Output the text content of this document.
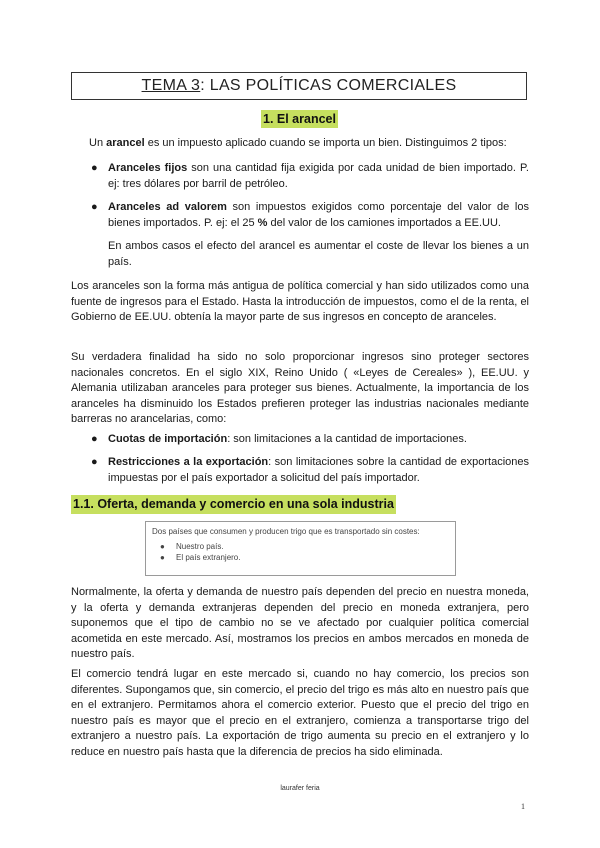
TEMA 3 : LAS POLÍTICAS COMERCIALES
1. El arancel

Un arancel es un impuesto aplicado cuando se importa un bien. Distinguimos 2 tipos:

● Aranceles fijos son una cantidad fija exigida por cada unidad de bien importado. P. ej: tres dólares por barril de petróleo.

● Aranceles ad valorem son impuestos exigidos como porcentaje del valor de los bienes importados. P. ej: el 25 % del valor de los camiones importados a EE.UU.

En ambos casos el efecto del arancel es aumentar el coste de llevar los bienes a un país.

Los aranceles son la forma más antigua de política comercial y han sido utilizados como una fuente de ingresos para el Estado. Hasta la introducción de impuestos, como el de la renta, el Gobierno de EE.UU. obtenía la mayor parte de sus ingresos en concepto de aranceles.

Su verdadera finalidad ha sido no solo proporcionar ingresos sino proteger sectores nacionales concretos. En el siglo XIX, Reino Unido ( «Leyes de Cereales» ), EE.UU. y Alemania utilizaban aranceles para proteger sus bienes. Actualmente, la importancia de los aranceles ha disminuido los Estados prefieren proteger las industrias nacionales mediante barreras no arancelarias, como:

● Cuotas de importación: son limitaciones a la cantidad de importaciones.

● Restricciones a la exportación: son limitaciones sobre la cantidad de exportaciones impuestas por el país exportador a solicitud del país importador.

1.1. Oferta, demanda y comercio en una sola industria
Dos países que consumen y producen trigo que es transportado sin costes:
● Nuestro país.
● El país extranjero.

Normalmente, la oferta y demanda de nuestro país dependen del precio en nuestra moneda, y la oferta y demanda extranjeras dependen del precio en moneda extranjera, pero suponemos que el tipo de cambio no se ve afectado por cualquier política comercial acometida en este mercado. Así, mostramos los precios en ambos mercados en moneda de nuestro país.

El comercio tendrá lugar en este mercado si, cuando no hay comercio, los precios son diferentes. Supongamos que, sin comercio, el precio del trigo es más alto en nuestro país que en el extranjero. Permitamos ahora el comercio exterior. Puesto que el precio del trigo en nuestro país es mayor que el precio en el extranjero, comienza a transportarse trigo del extranjero a nuestro país. La exportación de trigo aumenta su precio en el extranjero y lo reduce en nuestro país hasta que la diferencia de precios ha sido eliminada.

laurafer feria
1
